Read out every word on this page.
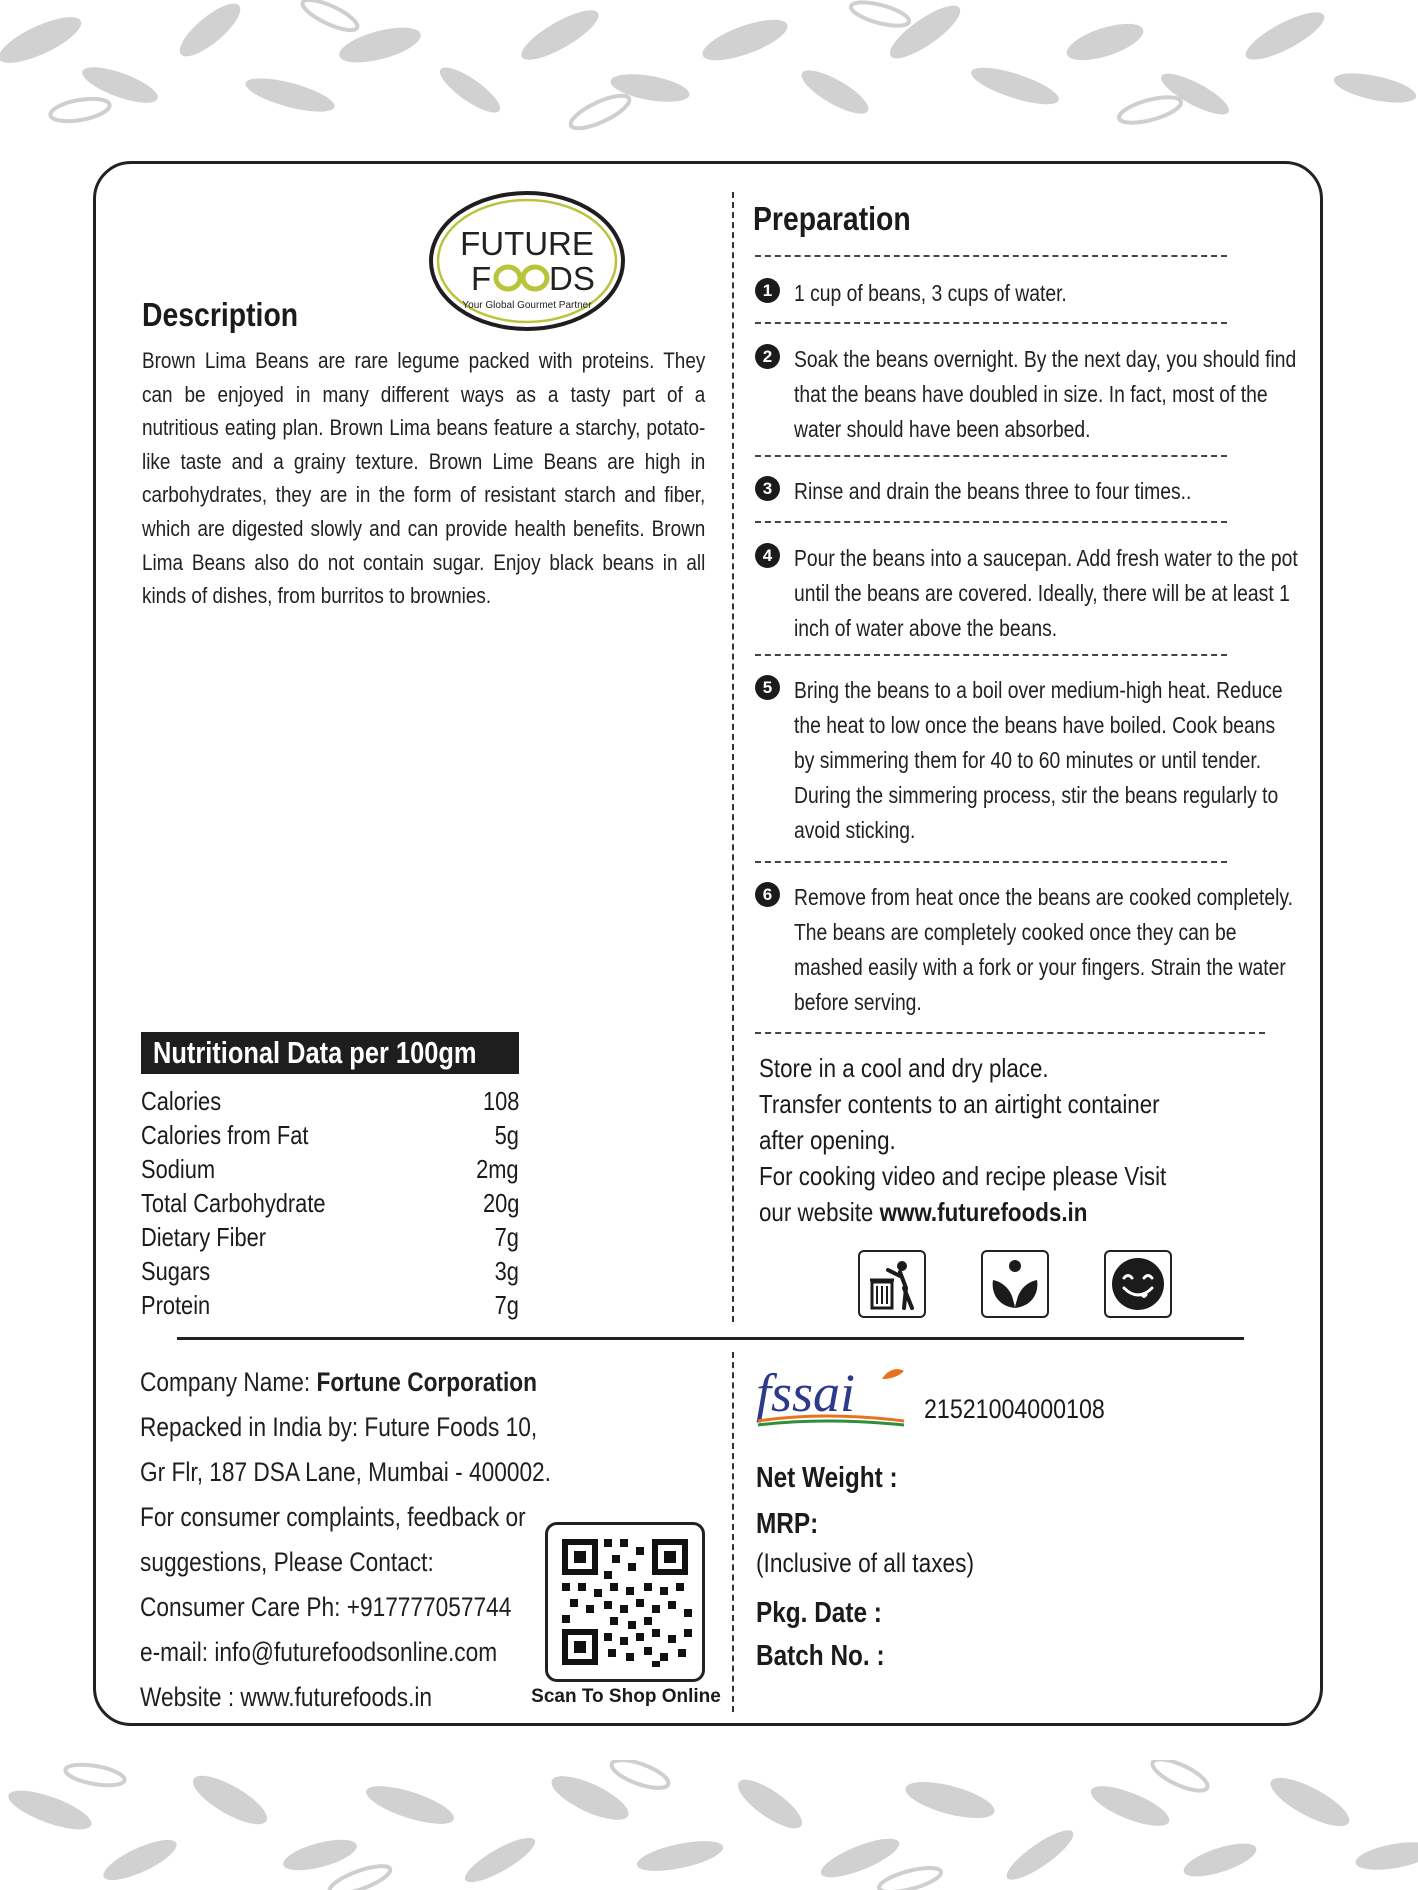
FUTURE
F DS
Your Global Gourmet Partner
Description
Brown Lima Beans are rare legume packed with proteins. They can be enjoyed in many different ways as a tasty part of a nutritious eating plan. Brown Lima beans feature a starchy, potato-like taste and a grainy texture. Brown Lime Beans are high in carbohydrates, they are in the form of resistant starch and fiber, which are digested slowly and can provide health benefits. Brown Lima Beans also do not contain sugar. Enjoy black beans in all kinds of dishes, from burritos to brownies.
Nutritional Data per 100gm
Calories	108
Calories from Fat	5g
Sodium	2mg
Total Carbohydrate	20g
Dietary Fiber	7g
Sugars	3g
Protein	7g
Preparation
1 1 cup of beans, 3 cups of water.
2 Soak the beans overnight. By the next day, you should find that the beans have doubled in size. In fact, most of the water should have been absorbed.
3 Rinse and drain the beans three to four times..
4 Pour the beans into a saucepan. Add fresh water to the pot until the beans are covered. Ideally, there will be at least 1 inch of water above the beans.
5 Bring the beans to a boil over medium-high heat. Reduce the heat to low once the beans have boiled. Cook beans by simmering them for 40 to 60 minutes or until tender. During the simmering process, stir the beans regularly to avoid sticking.
6 Remove from heat once the beans are cooked completely. The beans are completely cooked once they can be mashed easily with a fork or your fingers. Strain the water before serving.
Store in a cool and dry place.
Transfer contents to an airtight container
after opening.
For cooking video and recipe please Visit
our website www.futurefoods.in
Company Name: Fortune Corporation
Repacked in India by: Future Foods 10,
Gr Flr, 187 DSA Lane, Mumbai - 400002.
For consumer complaints, feedback or
suggestions, Please Contact:
Consumer Care Ph: +917777057744
e-mail: info@futurefoodsonline.com
Website : www.futurefoods.in	Scan To Shop Online
fssai	21521004000108
Net Weight :
MRP:
(Inclusive of all taxes)
Pkg. Date :
Batch No. :
